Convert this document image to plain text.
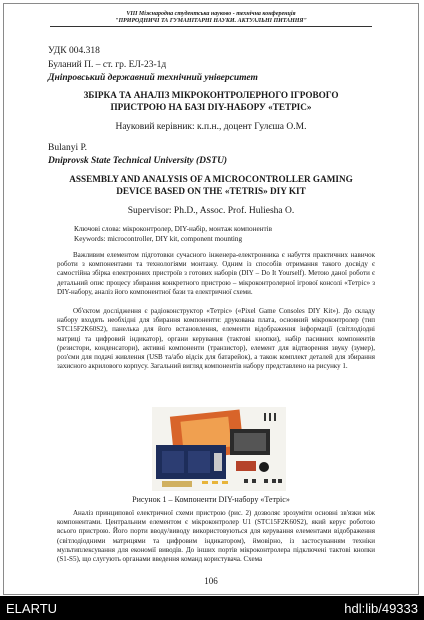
VIII Міжнародна студентська науково - технічна конференція
"ПРИРОДНИЧІ ТА ГУМАНІТАРНІ НАУКИ. АКТУАЛЬНІ ПИТАННЯ"
УДК 004.318
Буланий П. – ст. гр. ЕЛ-23-1д
Дніпровський державний технічний університет
ЗБІРКА ТА АНАЛІЗ МІКРОКОНТРОЛЕРНОГО ІГРОВОГО
ПРИСТРОЮ НА БАЗІ DIY-НАБОРУ «ТЕТРІС»
Науковий керівник: к.п.н., доцент Гулєша О.М.
Bulanyi P.
Dniprovsk State Technical University (DSTU)
ASSEMBLY AND ANALYSIS OF A MICROCONTROLLER GAMING
DEVICE BASED ON THE «TETRIS» DIY KIT
Supervisor: Ph.D., Assoc. Prof. Huliesha O.
Ключові слова: мікроконтролер, DIY-набір, монтаж компонентів
Keywords: microcontroller, DIY kit, component mounting
Важливим елементом підготовки сучасного інженера-електронника є набуття практичних навичок роботи з компонентами та технологіями монтажу. Одним із способів отримання такого досвіду є самостійна збірка електронних пристроїв з готових наборів (DIY – Do It Yourself). Метою даної роботи є детальний опис процесу збирання конкретного пристрою – мікроконтролерної ігрової консолі «Тетріс» з DIY-набору, аналіз його компонентної бази та електричної схеми.
Об'єктом дослідження є радіоконструктор «Тетріс» («Pixel Game Consoles DIY Kit»). До складу набору входять необхідні для збирання компоненти: друкована плата, основний мікроконтролер (тип STC15F2K60S2), панелька для його встановлення, елементи відображення інформації (світлодіодні матриці та цифровий індикатор), органи керування (тактові кнопки), набір пасивних компонентів (резистори, конденсатори), активні компоненти (транзистор), елемент для відтворення звуку (зумер), роз'єми для подачі живлення (USB та/або відсік для батарейок), а також комплект деталей для збирання захисного акрилового корпусу. Загальний вигляд компонентів набору представлено на рисунку 1.
Рисунок 1 – Компоненти DIY-набору «Тетріс»
Аналіз принципової електричної схеми пристрою (рис. 2) дозволяє зрозуміти основні зв'язки між компонентами. Центральним елементом є мікроконтролер U1 (STC15F2K60S2), який керує роботою всього пристрою. Його порти вводу/виводу використовуються для керування елементами відображення (світлодіодними матрицями та цифровим індикатором), ймовірно, із застосуванням техніки мультиплексування для економії виводів. До інших портів мікроконтролера підключені тактові кнопки (S1-S5), що слугують органами введення команд користувача. Схема
106
ELARTU	hdl:lib/49333
